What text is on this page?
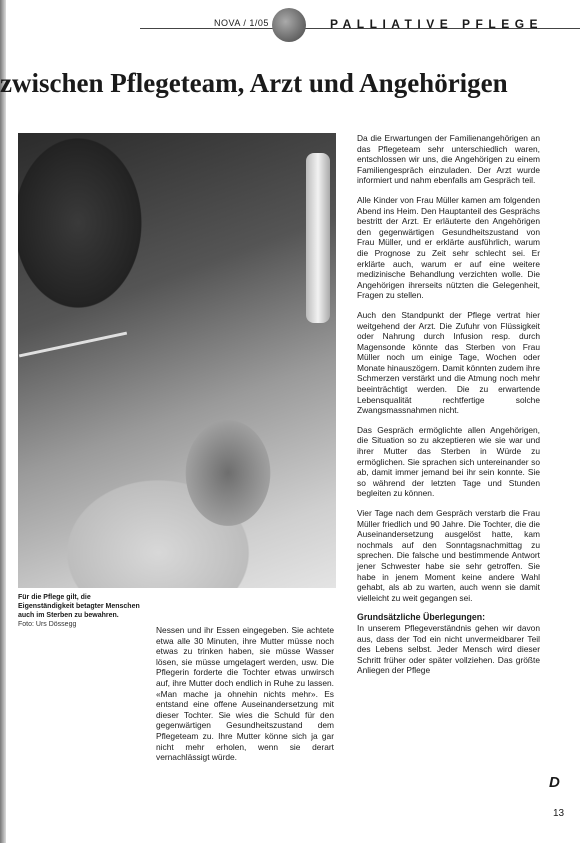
NOVA / 1/05	PALLIATIVE PFLEGE
zwischen Pflegeteam, Arzt und Angehörigen
Für die Pflege gilt, die Eigenständigkeit betagter Menschen auch im Sterben zu bewahren.
Foto: Urs Dössegg

Nessen und ihr Essen eingegeben. Sie achtete etwa alle 30 Minuten, ihre Mutter müsse noch etwas zu trinken haben, sie müsse Wasser lösen, sie müsse umgelagert werden, usw. Die Pflegerin forderte die Tochter etwas unwirsch auf, ihre Mutter doch endlich in Ruhe zu lassen. «Man mache ja ohnehin nichts mehr». Es entstand eine offene Auseinandersetzung mit dieser Tochter. Sie wies die Schuld für den gegenwärtigen Gesundheitszustand dem Pflegeteam zu. Ihre Mutter könne sich ja gar nicht mehr erholen, wenn sie derart vernachlässigt würde.

Da die Erwartungen der Familienangehörigen an das Pflegeteam sehr unterschiedlich waren, entschlossen wir uns, die Angehörigen zu einem Familiengespräch einzuladen. Der Arzt wurde informiert und nahm ebenfalls am Gespräch teil.

Alle Kinder von Frau Müller kamen am folgenden Abend ins Heim. Den Hauptanteil des Gesprächs bestritt der Arzt. Er erläuterte den Angehörigen den gegenwärtigen Gesundheitszustand von Frau Müller, und er erklärte ausführlich, warum die Prognose zu Zeit sehr schlecht sei. Er erklärte auch, warum er auf eine weitere medizinische Behandlung verzichten wolle. Die Angehörigen ihrerseits nützten die Gelegenheit, Fragen zu stellen.

Auch den Standpunkt der Pflege vertrat hier weitgehend der Arzt. Die Zufuhr von Flüssigkeit oder Nahrung durch Infusion resp. durch Magensonde könnte das Sterben von Frau Müller noch um einige Tage, Wochen oder Monate hinauszögern. Damit könnten zudem ihre Schmerzen verstärkt und die Atmung noch mehr beeinträchtigt werden. Die zu erwartende Lebensqualität rechtfertige solche Zwangsmassnahmen nicht.

Das Gespräch ermöglichte allen Angehörigen, die Situation so zu akzeptieren wie sie war und ihrer Mutter das Sterben in Würde zu ermöglichen. Sie sprachen sich untereinander so ab, damit immer jemand bei ihr sein konnte. Sie so während der letzten Tage und Stunden begleiten zu können.

Vier Tage nach dem Gespräch verstarb die Frau Müller friedlich und 90 Jahre. Die Tochter, die die Auseinandersetzung ausgelöst hatte, kam nochmals auf den Sonntagsnachmittag zu sprechen. Die falsche und bestimmende Antwort jener Schwester habe sie sehr getroffen. Sie habe in jenem Moment keine andere Wahl gehabt, als ab zu warten, auch wenn sie damit vielleicht zu weit gegangen sei.

Grundsätzliche Überlegungen:

In unserem Pflegeverständnis gehen wir davon aus, dass der Tod ein nicht unvermeidbarer Teil des Lebens selbst. Jeder Mensch wird dieser Schritt früher oder später vollziehen. Das größte Anliegen der Pflege

D
13
